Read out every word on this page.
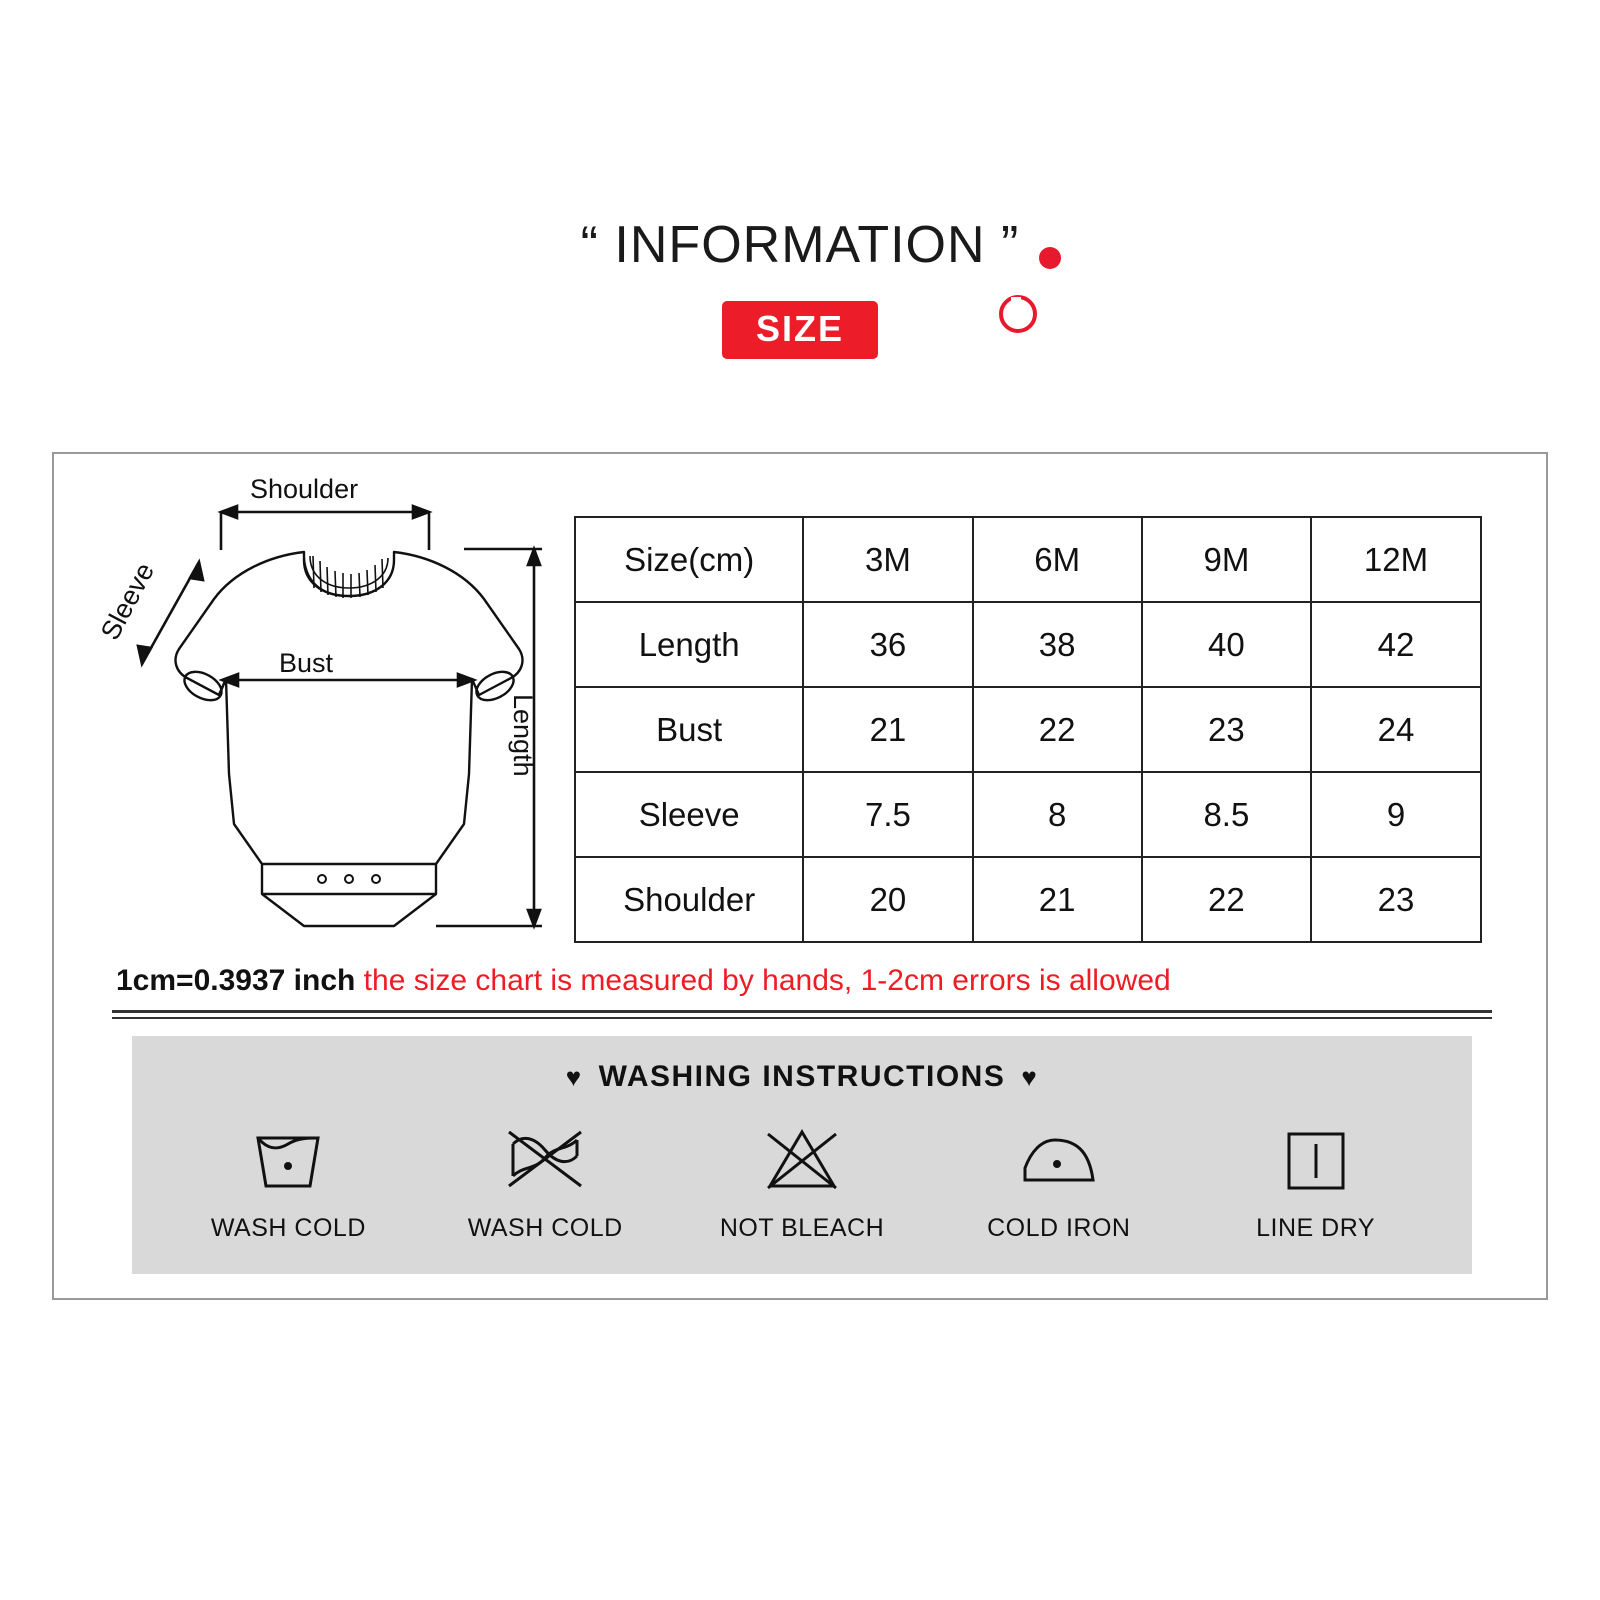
“ INFORMATION ”
SIZE
Shoulder
Sleeve
Bust
Length
Size(cm)	3M	6M	9M	12M
Length	36	38	40	42
Bust	21	22	23	24
Sleeve	7.5	8	8.5	9
Shoulder	20	21	22	23
1cm=0.3937 inch the size chart is measured by hands, 1-2cm errors is allowed
♥ WASHING INSTRUCTIONS ♥
WASH COLD	WASH COLD	NOT BLEACH	COLD IRON	LINE DRY
